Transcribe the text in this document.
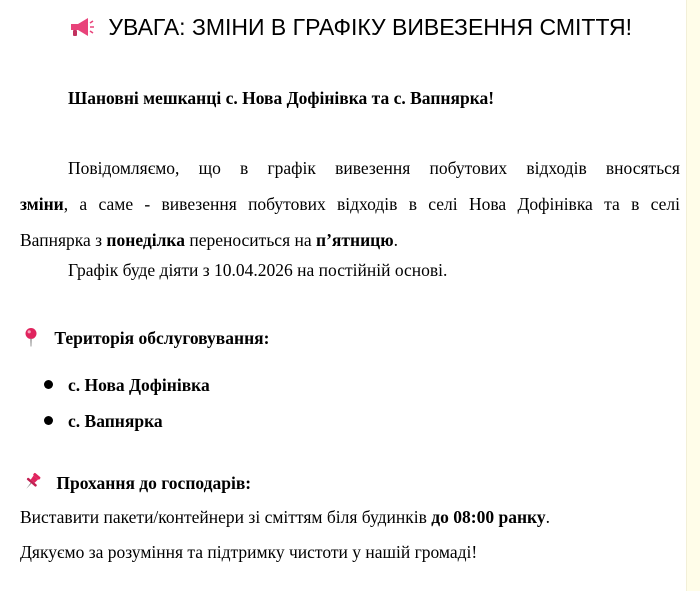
УВАГА: ЗМІНИ В ГРАФІКУ ВИВЕЗЕННЯ СМІТТЯ!
Шановні мешканці с. Нова Дофінівка та с. Вапнярка!
Повідомляємо, що в графік вивезення побутових відходів вносяться
зміни, а саме - вивезення побутових відходів в селі Нова Дофінівка та в селі
Вапнярка з понеділка переноситься на п’ятницю.
Графік буде діяти з 10.04.2026 на постійній основі.
Територія обслуговування:
с. Нова Дофінівка
с. Вапнярка
Прохання до господарів:
Виставити пакети/контейнери зі сміттям біля будинків до 08:00 ранку.
Дякуємо за розуміння та підтримку чистоти у нашій громаді!
